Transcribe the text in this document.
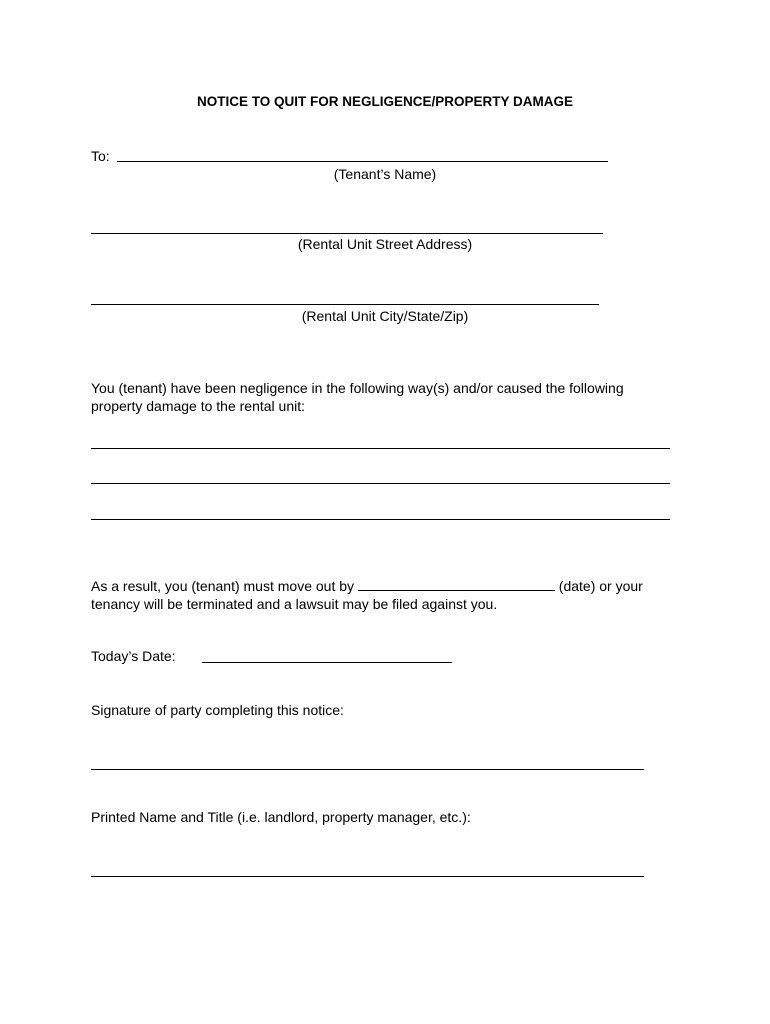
NOTICE TO QUIT FOR NEGLIGENCE/PROPERTY DAMAGE
To:
(Tenant’s Name)
(Rental Unit Street Address)
(Rental Unit City/State/Zip)
You (tenant) have been negligence in the following way(s) and/or caused the following
property damage to the rental unit:
As a result, you (tenant) must move out by	(date) or your
tenancy will be terminated and a lawsuit may be filed against you.
Today’s Date:
Signature of party completing this notice:
Printed Name and Title (i.e. landlord, property manager, etc.):
